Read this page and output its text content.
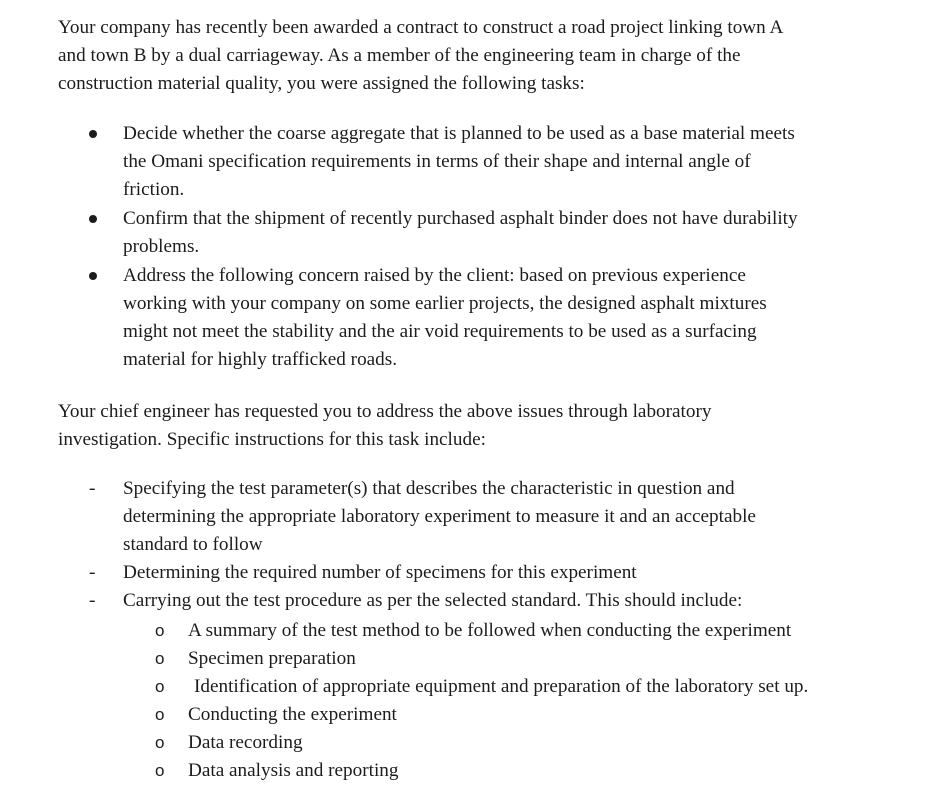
Your company has recently been awarded a contract to construct a road project linking town A
and town B by a dual carriageway. As a member of the engineering team in charge of the
construction material quality, you were assigned the following tasks:

Decide whether the coarse aggregate that is planned to be used as a base material meets
the Omani specification requirements in terms of their shape and internal angle of
friction.
Confirm that the shipment of recently purchased asphalt binder does not have durability
problems.
Address the following concern raised by the client: based on previous experience
working with your company on some earlier projects, the designed asphalt mixtures
might not meet the stability and the air void requirements to be used as a surfacing
material for highly trafficked roads.

Your chief engineer has requested you to address the above issues through laboratory
investigation. Specific instructions for this task include:

- Specifying the test parameter(s) that describes the characteristic in question and
determining the appropriate laboratory experiment to measure it and an acceptable
standard to follow
- Determining the required number of specimens for this experiment
- Carrying out the test procedure as per the selected standard. This should include:
o A summary of the test method to be followed when conducting the experiment
o Specimen preparation
o Identification of appropriate equipment and preparation of the laboratory set up.
o Conducting the experiment
o Data recording
o Data analysis and reporting
